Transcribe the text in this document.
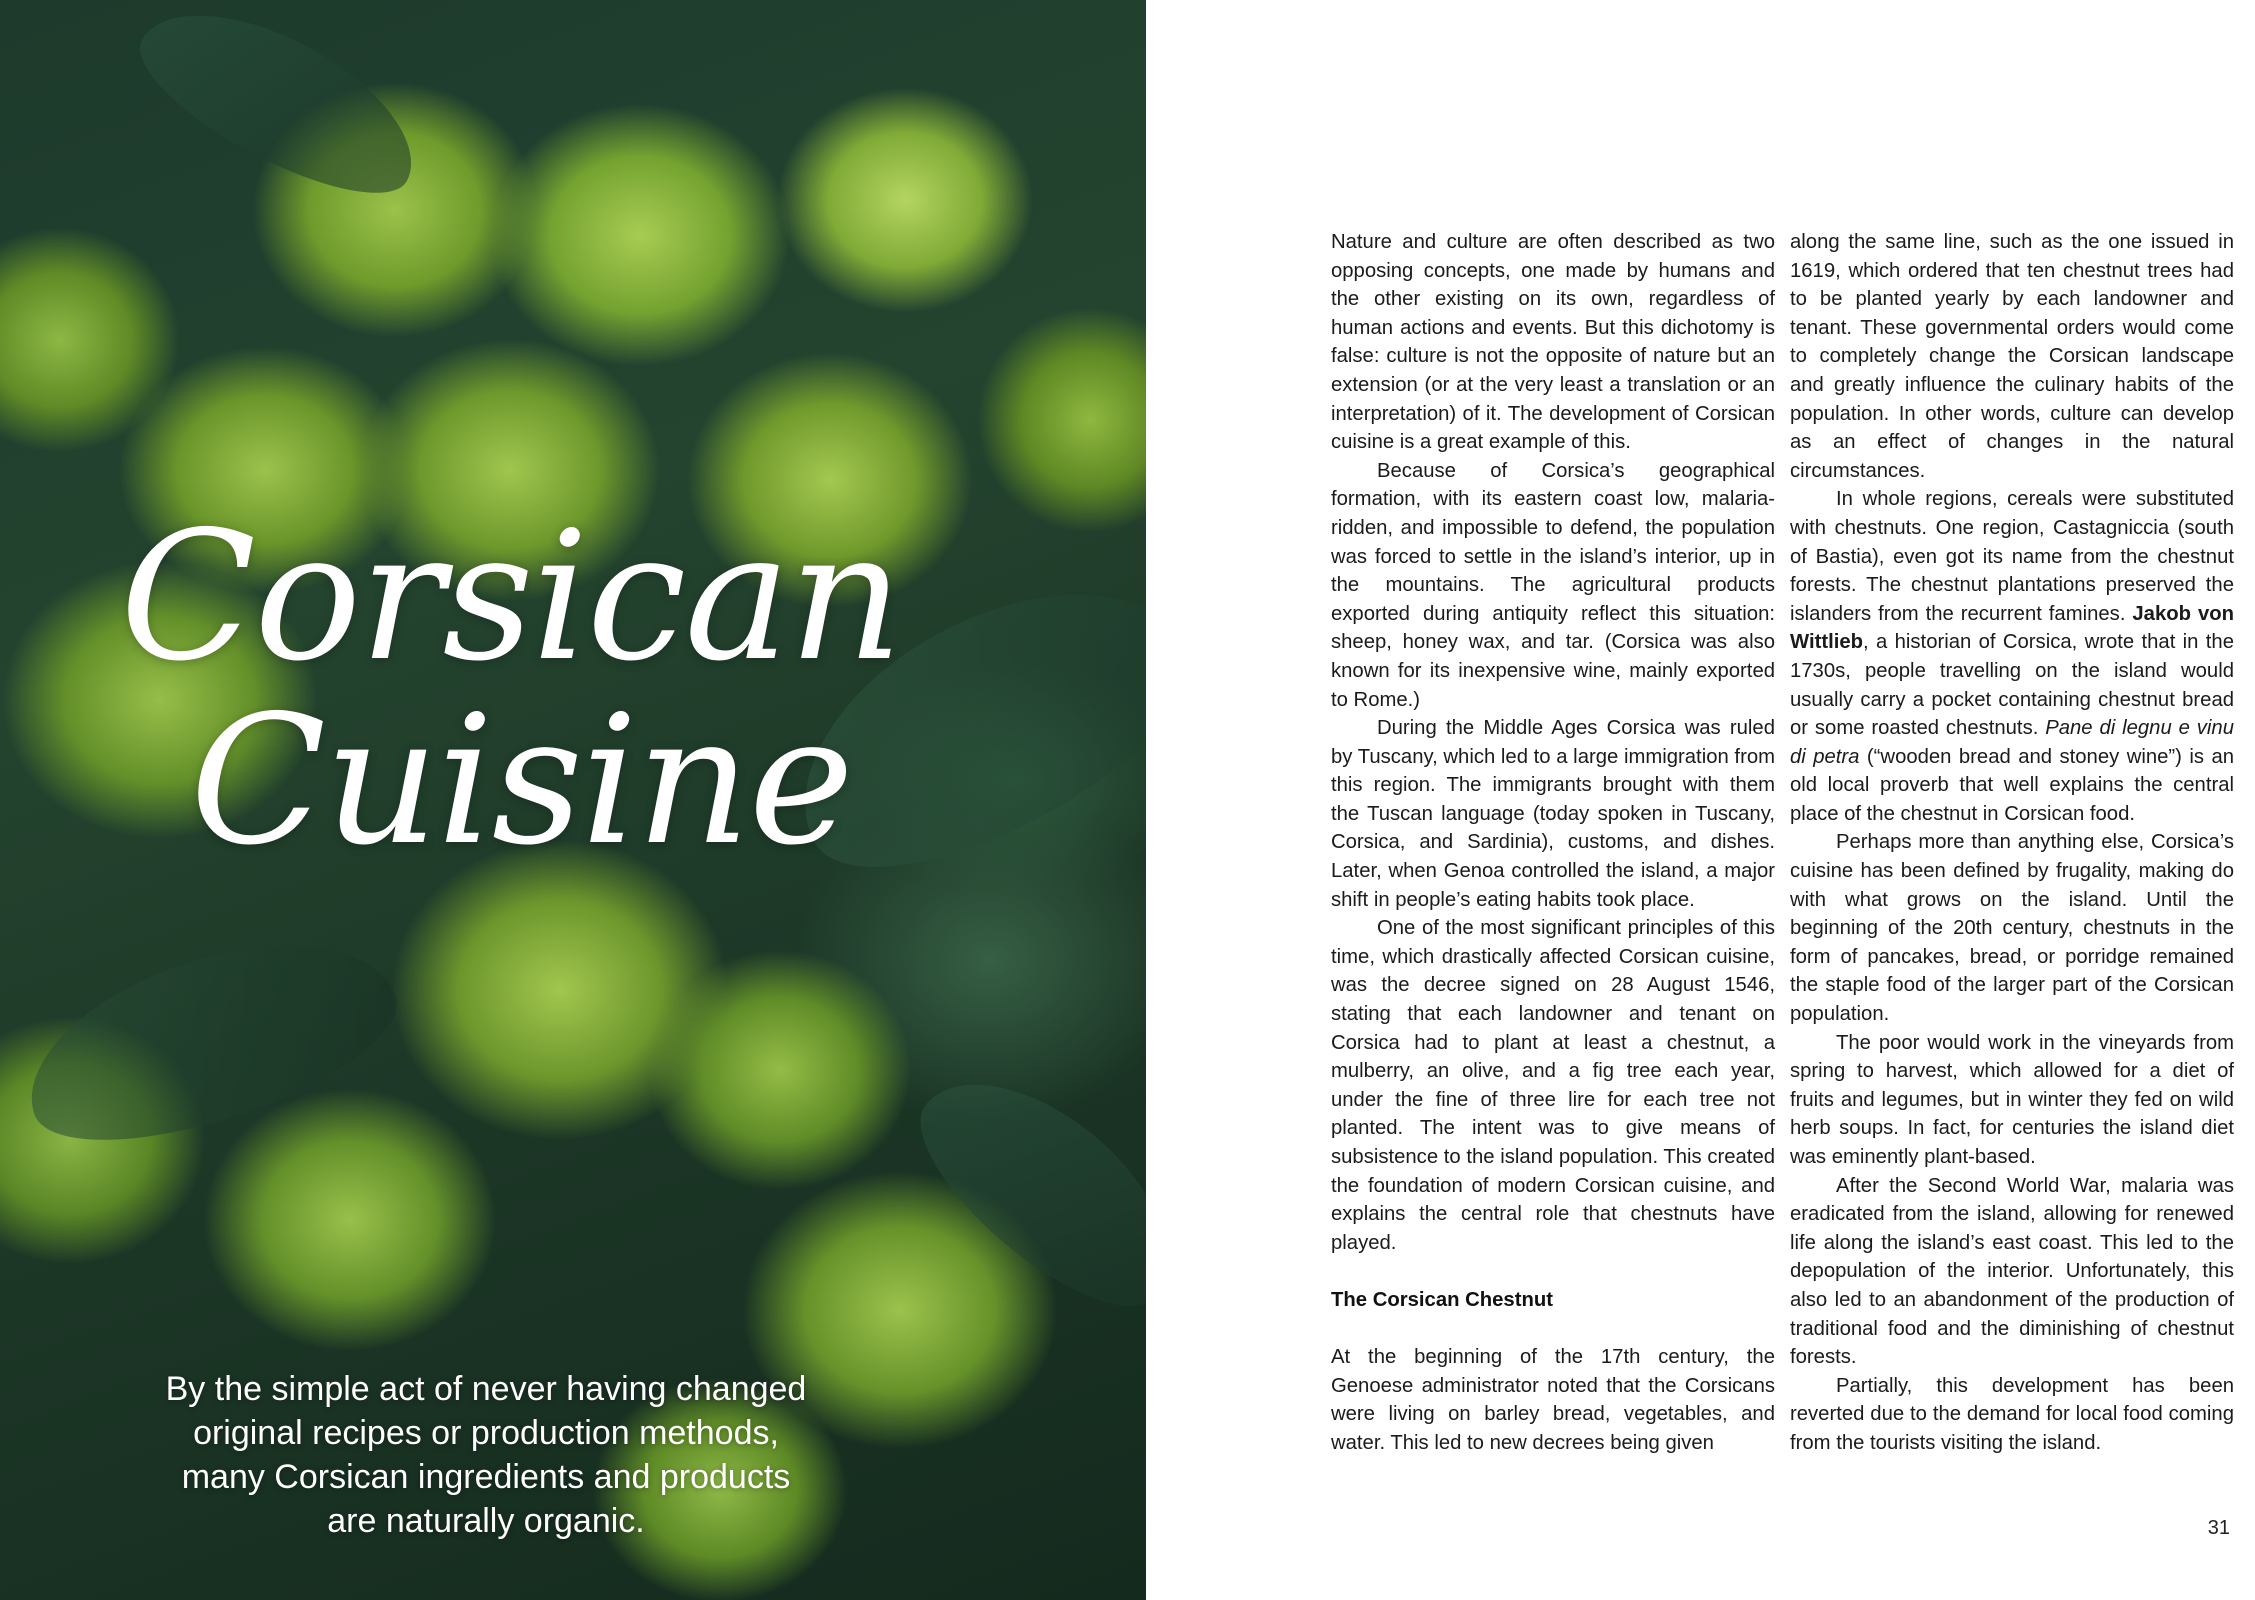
Corsican
Cuisine

By the simple act of never having changed original recipes or production methods, many Corsican ingredients and products are naturally organic.

Nature and culture are often described as two opposing concepts, one made by humans and the other existing on its own, regardless of human actions and events. But this dichotomy is false: culture is not the opposite of nature but an extension (or at the very least a translation or an interpretation) of it. The development of Corsican cuisine is a great example of this.

Because of Corsica’s geographical formation, with its eastern coast low, malaria-ridden, and impossible to defend, the population was forced to settle in the island’s interior, up in the mountains. The agricultural products exported during antiquity reflect this situation: sheep, honey wax, and tar. (Corsica was also known for its inexpensive wine, mainly exported to Rome.)

During the Middle Ages Corsica was ruled by Tuscany, which led to a large immigration from this region. The immigrants brought with them the Tuscan language (today spoken in Tuscany, Corsica, and Sardinia), customs, and dishes. Later, when Genoa controlled the island, a major shift in people’s eating habits took place.

One of the most significant principles of this time, which drastically affected Corsican cuisine, was the decree signed on 28 August 1546, stating that each landowner and tenant on Corsica had to plant at least a chestnut, a mulberry, an olive, and a fig tree each year, under the fine of three lire for each tree not planted. The intent was to give means of subsistence to the island population. This created the foundation of modern Corsican cuisine, and explains the central role that chestnuts have played.

The Corsican Chestnut

At the beginning of the 17th century, the Genoese administrator noted that the Corsicans were living on barley bread, vegetables, and water. This led to new decrees being given

along the same line, such as the one issued in 1619, which ordered that ten chestnut trees had to be planted yearly by each landowner and tenant. These governmental orders would come to completely change the Corsican landscape and greatly influence the culinary habits of the population. In other words, culture can develop as an effect of changes in the natural circumstances.

In whole regions, cereals were substituted with chestnuts. One region, Castagniccia (south of Bastia), even got its name from the chestnut forests. The chestnut plantations preserved the islanders from the recurrent famines. Jakob von Wittlieb, a historian of Corsica, wrote that in the 1730s, people travelling on the island would usually carry a pocket containing chestnut bread or some roasted chestnuts. Pane di legnu e vinu di petra (“wooden bread and stoney wine”) is an old local proverb that well explains the central place of the chestnut in Corsican food.

Perhaps more than anything else, Corsica’s cuisine has been defined by frugality, making do with what grows on the island. Until the beginning of the 20th century, chestnuts in the form of pancakes, bread, or porridge remained the staple food of the larger part of the Corsican population.

The poor would work in the vineyards from spring to harvest, which allowed for a diet of fruits and legumes, but in winter they fed on wild herb soups. In fact, for centuries the island diet was eminently plant-based.

After the Second World War, malaria was eradicated from the island, allowing for renewed life along the island’s east coast. This led to the depopulation of the interior. Unfortunately, this also led to an abandonment of the production of traditional food and the diminishing of chestnut forests.

Partially, this development has been reverted due to the demand for local food coming from the tourists visiting the island.

31
